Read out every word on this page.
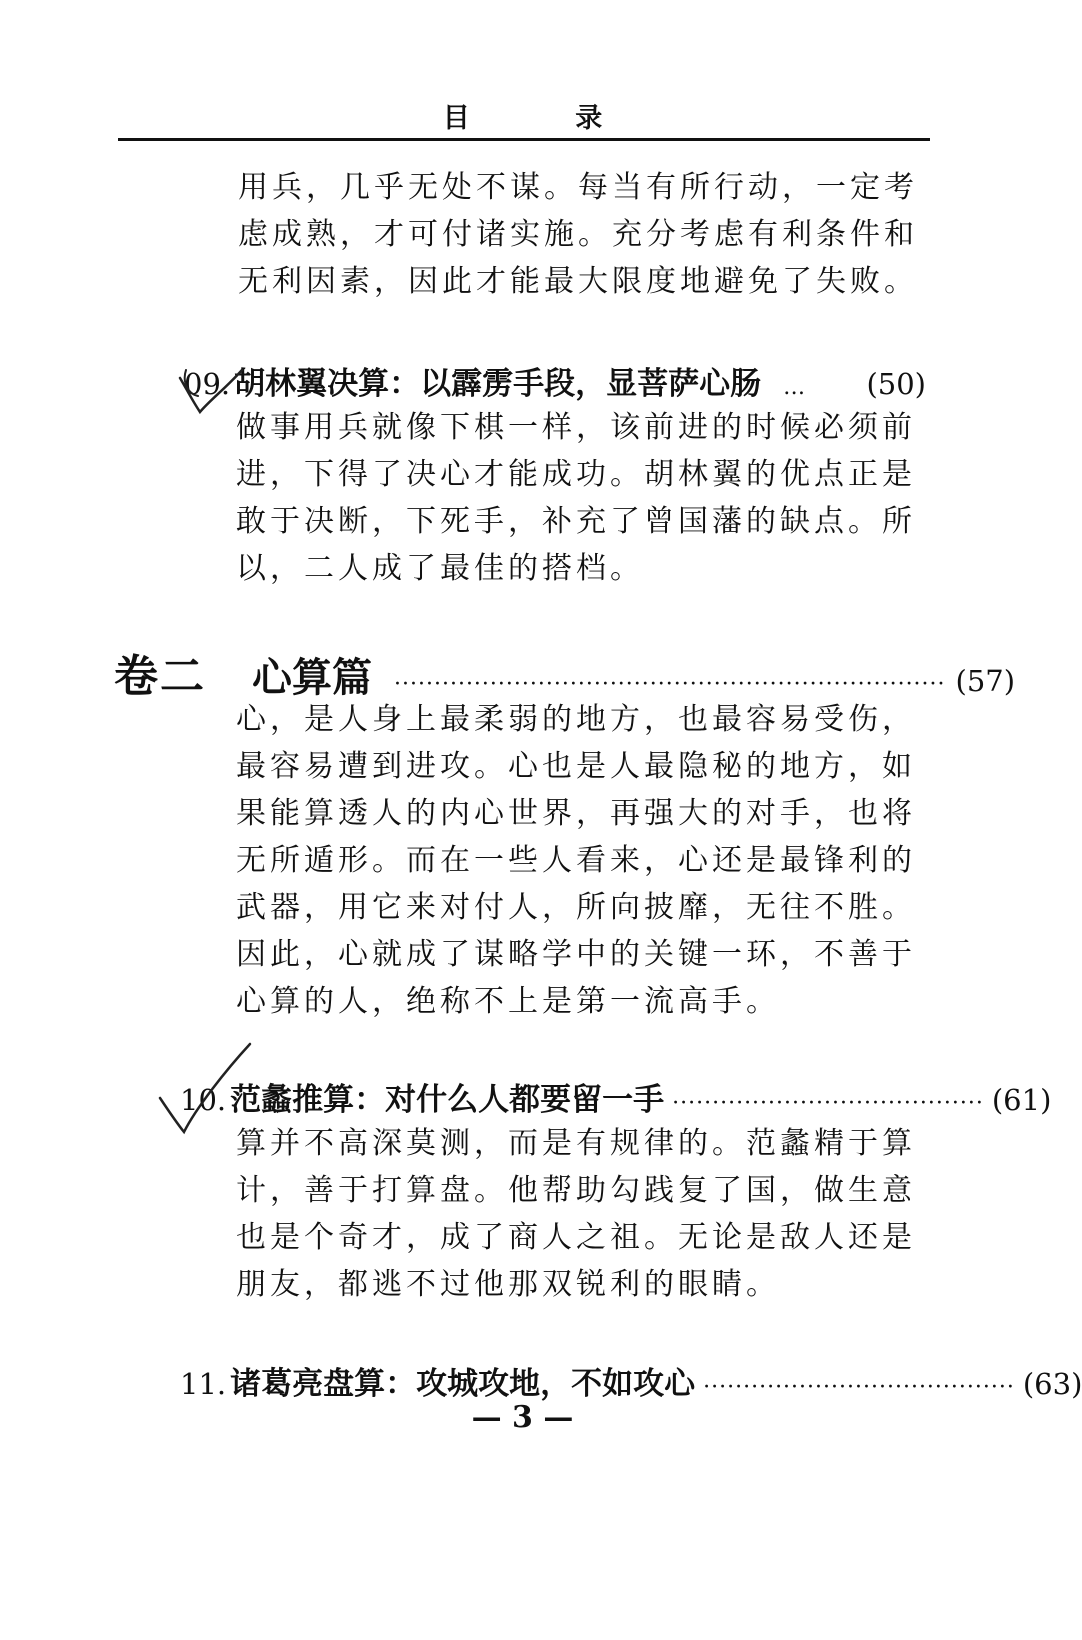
目 录
用兵，几乎无处不谋。每当有所行动，一定考
虑成熟，才可付诸实施。充分考虑有利条件和
无利因素，因此才能最大限度地避免了失败。
09. 胡林翼决算：以霹雳手段，显菩萨心肠 … (50)
做事用兵就像下棋一样，该前进的时候必须前
进，下得了决心才能成功。胡林翼的优点正是
敢于决断，下死手，补充了曾国藩的缺点。所
以，二人成了最佳的搭档。
卷二 心算篇 ····································································· (57)
心，是人身上最柔弱的地方，也最容易受伤，
最容易遭到进攻。心也是人最隐秘的地方，如
果能算透人的内心世界，再强大的对手，也将
无所遁形。而在一些人看来，心还是最锋利的
武器，用它来对付人，所向披靡，无往不胜。
因此，心就成了谋略学中的关键一环，不善于
心算的人，绝称不上是第一流高手。
10. 范蠡推算：对什么人都要留一手 ······································· (61)
算并不高深莫测，而是有规律的。范蠡精于算
计，善于打算盘。他帮助勾践复了国，做生意
也是个奇才，成了商人之祖。无论是敌人还是
朋友，都逃不过他那双锐利的眼睛。
11. 诸葛亮盘算：攻城攻地，不如攻心 ······································· (63)
— 3 —
